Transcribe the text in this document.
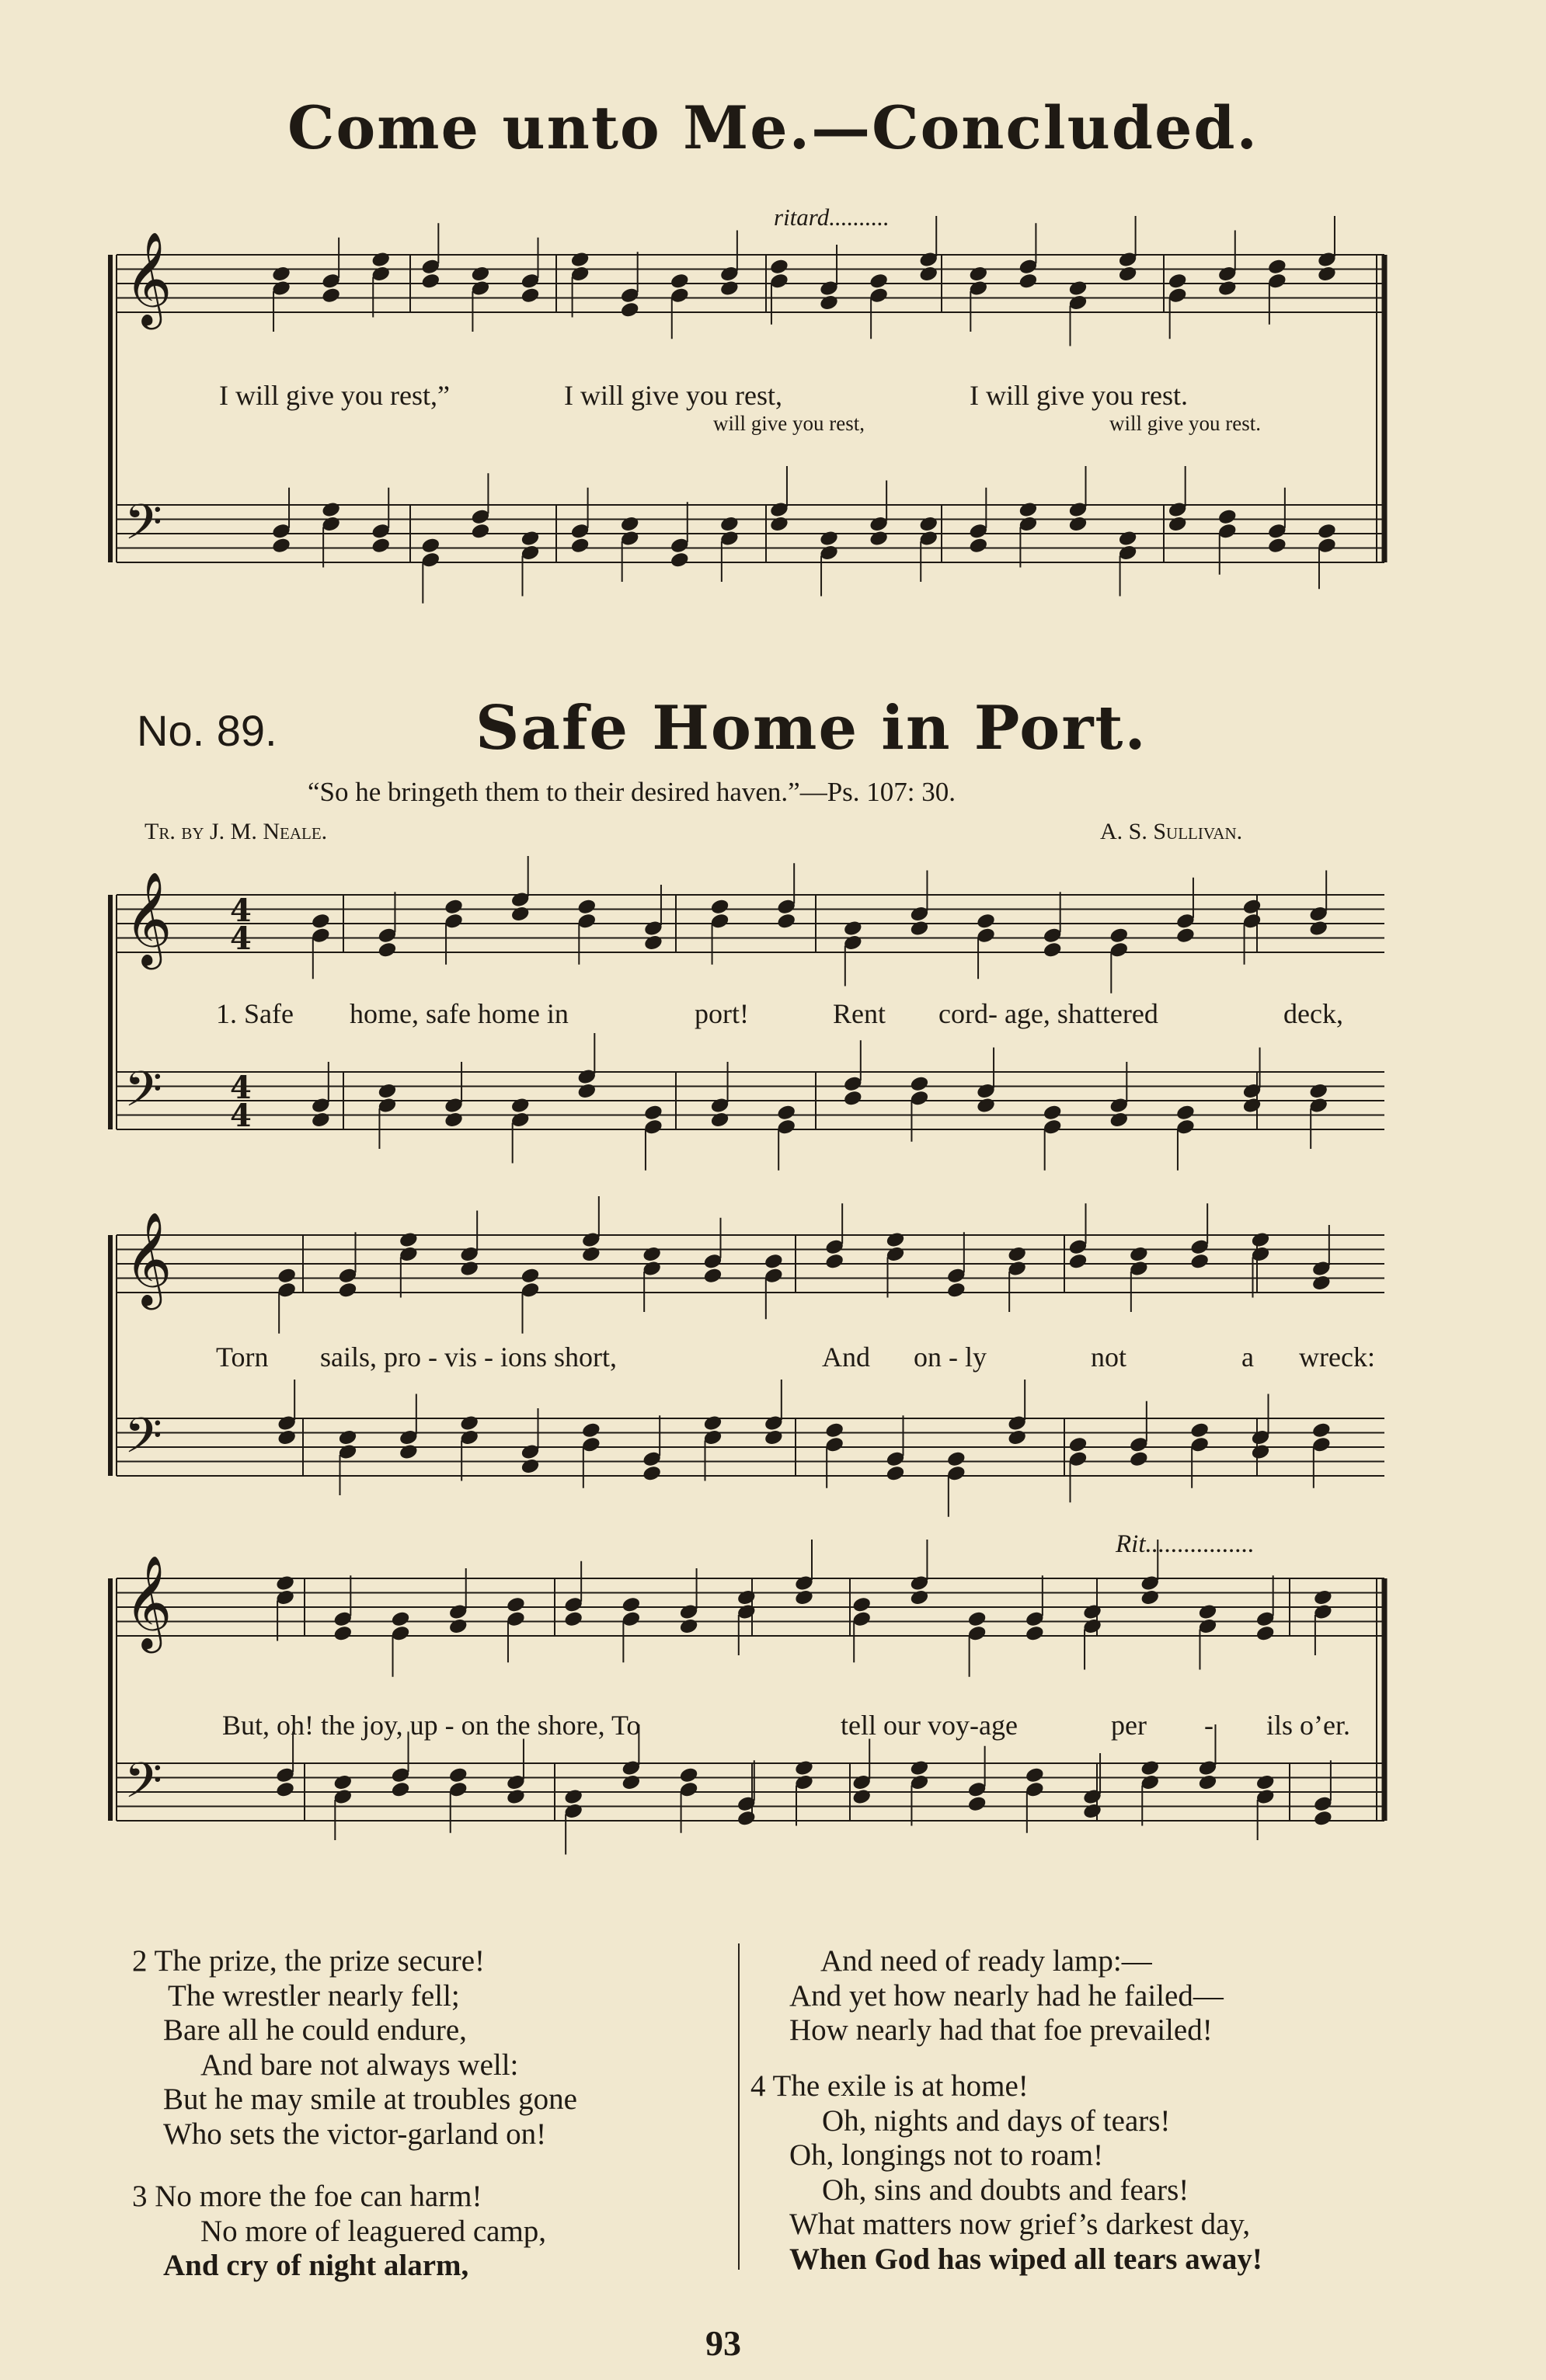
Come unto Me.—Concluded.
𝄞
𝄢
𝄞
𝄢
4
4
4
4
𝄞
𝄢
𝄞
𝄢
ritard..........
I will give you rest,”	I will give you rest,	I will give you rest.
will give you rest,	will give you rest.
No. 89.	Safe Home in Port.
“So he bringeth them to their desired haven.”—Ps. 107: 30.
Tr. by J. M. Neale.	A. S. Sullivan.
1. Safe home, safe home in	port!	Rent cord- age, shattered	deck,
Torn sails, pro - vis - ions short,	And on - ly	not	a wreck:
Rit.................
But, oh! the joy, up - on the shore, To	tell our voy-age	per - ils o’er.
2 The prize, the prize secure!
The wrestler nearly fell;
Bare all he could endure,
And bare not always well:
But he may smile at troubles gone
Who sets the victor-garland on!
3 No more the foe can harm!
No more of leaguered camp,
And cry of night alarm,
And need of ready lamp:—
And yet how nearly had he failed—
How nearly had that foe prevailed!
4 The exile is at home!
Oh, nights and days of tears!
Oh, longings not to roam!
Oh, sins and doubts and fears!
What matters now grief’s darkest day,
When God has wiped all tears away!
93
